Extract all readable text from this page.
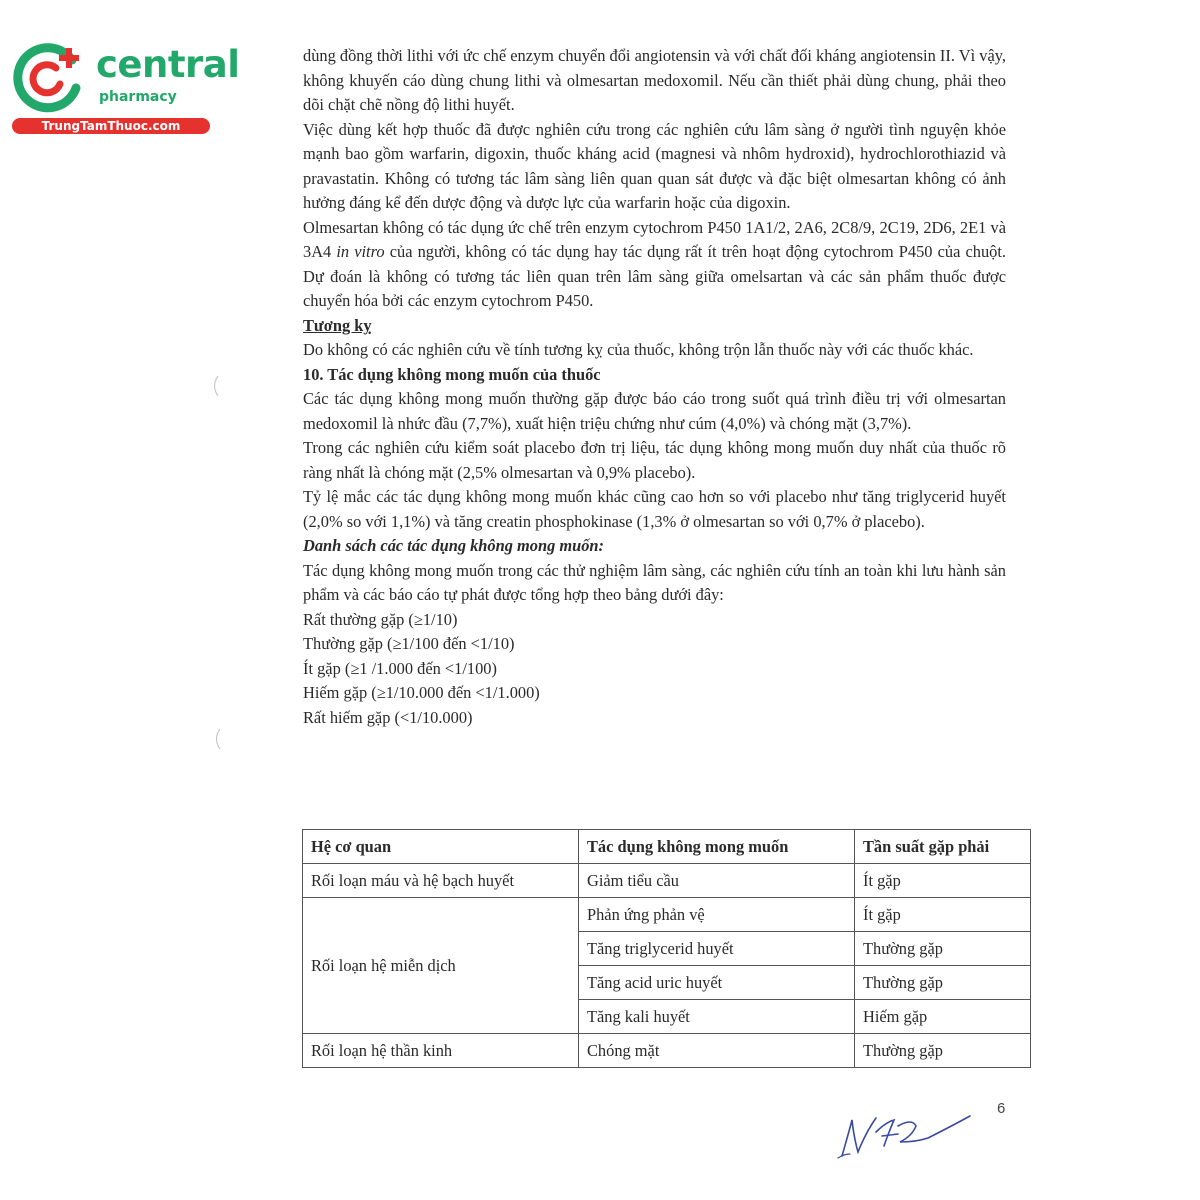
central
pharmacy
TrungTamThuoc.com

dùng đồng thời lithi với ức chế enzym chuyển đổi angiotensin và với chất đối kháng angiotensin II. Vì vậy, không khuyến cáo dùng chung lithi và olmesartan medoxomil. Nếu cần thiết phải dùng chung, phải theo dõi chặt chẽ nồng độ lithi huyết.

Việc dùng kết hợp thuốc đã được nghiên cứu trong các nghiên cứu lâm sàng ở người tình nguyện khỏe mạnh bao gồm warfarin, digoxin, thuốc kháng acid (magnesi và nhôm hydroxid), hydrochlorothiazid và pravastatin. Không có tương tác lâm sàng liên quan quan sát được và đặc biệt olmesartan không có ảnh hưởng đáng kể đến dược động và dược lực của warfarin hoặc của digoxin.

Olmesartan không có tác dụng ức chế trên enzym cytochrom P450 1A1/2, 2A6, 2C8/9, 2C19, 2D6, 2E1 và 3A4 in vitro của người, không có tác dụng hay tác dụng rất ít trên hoạt động cytochrom P450 của chuột. Dự đoán là không có tương tác liên quan trên lâm sàng giữa omelsartan và các sản phẩm thuốc được chuyển hóa bởi các enzym cytochrom P450.

Tương kỵ

Do không có các nghiên cứu về tính tương kỵ của thuốc, không trộn lẫn thuốc này với các thuốc khác.

10. Tác dụng không mong muốn của thuốc

Các tác dụng không mong muốn thường gặp được báo cáo trong suốt quá trình điều trị với olmesartan medoxomil là nhức đầu (7,7%), xuất hiện triệu chứng như cúm (4,0%) và chóng mặt (3,7%).

Trong các nghiên cứu kiểm soát placebo đơn trị liệu, tác dụng không mong muốn duy nhất của thuốc rõ ràng nhất là chóng mặt (2,5% olmesartan và 0,9% placebo).

Tỷ lệ mắc các tác dụng không mong muốn khác cũng cao hơn so với placebo như tăng triglycerid huyết (2,0% so với 1,1%) và tăng creatin phosphokinase (1,3% ở olmesartan so với 0,7% ở placebo).

Danh sách các tác dụng không mong muốn:

Tác dụng không mong muốn trong các thử nghiệm lâm sàng, các nghiên cứu tính an toàn khi lưu hành sản phẩm và các báo cáo tự phát được tổng hợp theo bảng dưới đây:

Rất thường gặp (≥1/10)

Thường gặp (≥1/100 đến <1/10)

Ít gặp (≥1 /1.000 đến <1/100)

Hiếm gặp (≥1/10.000 đến <1/1.000)

Rất hiếm gặp (<1/10.000)

Hệ cơ quan	Tác dụng không mong muốn	Tần suất gặp phải
Rối loạn máu và hệ bạch huyết	Giảm tiểu cầu	Ít gặp
Rối loạn hệ miễn dịch	Phản ứng phản vệ	Ít gặp
	Tăng triglycerid huyết	Thường gặp
	Tăng acid uric huyết	Thường gặp
	Tăng kali huyết	Hiếm gặp
Rối loạn hệ thần kinh	Chóng mặt	Thường gặp
6
